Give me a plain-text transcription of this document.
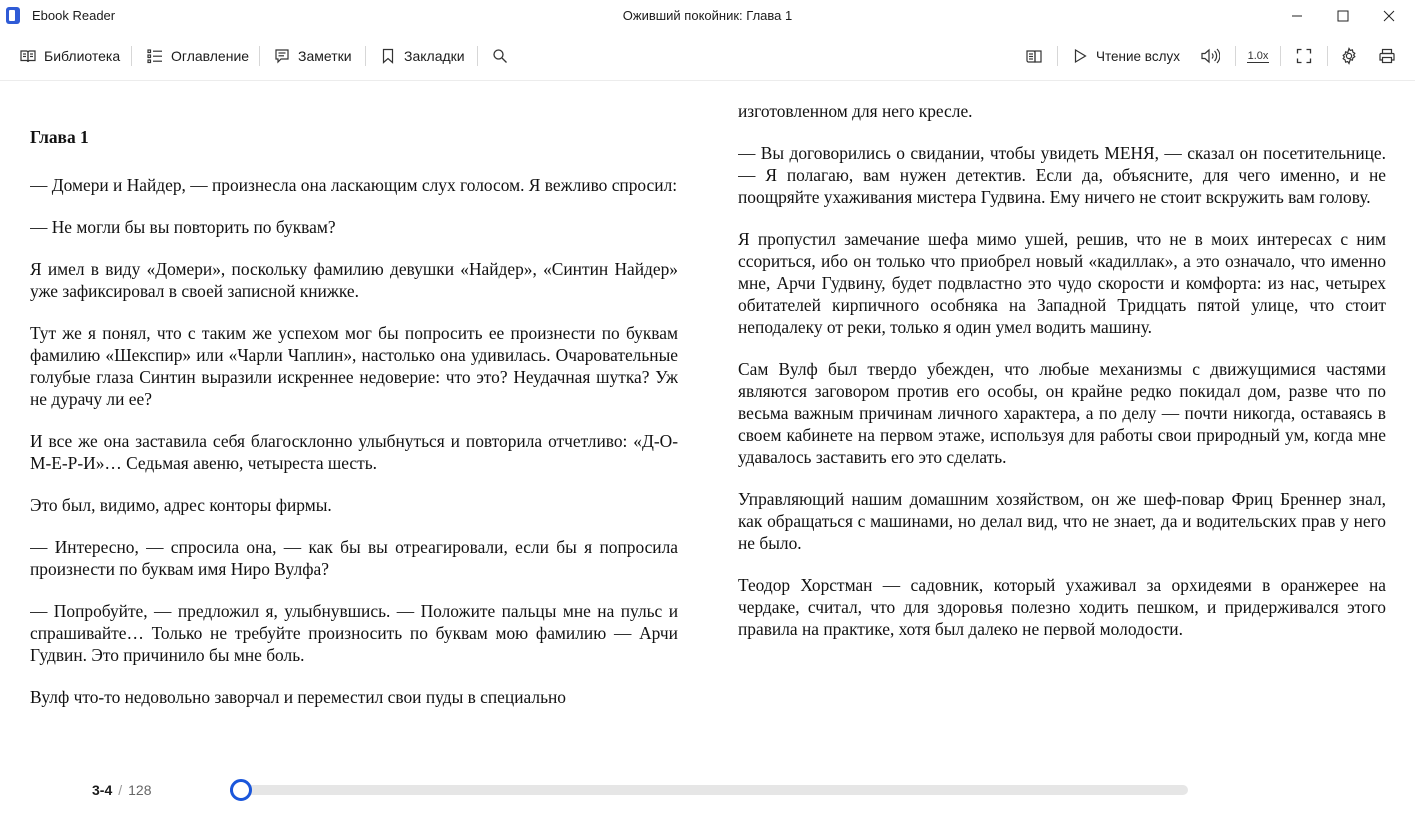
Ebook Reader	Оживший покойник: Глава 1
Библиотека	Оглавление	Заметки	Закладки	Чтение вслух	1.0x

Глава 1

— Домери и Найдер, — произнесла она ласкающим слух голосом. Я вежливо спросил:

— Не могли бы вы повторить по буквам?

Я имел в виду «Домери», поскольку фамилию девушки «Найдер», «Синтин Найдер» уже зафиксировал в своей записной книжке.

Тут же я понял, что с таким же успехом мог бы попросить ее произнести по буквам фамилию «Шекспир» или «Чарли Чаплин», настолько она удивилась. Очаровательные голубые глаза Синтин выразили искреннее недоверие: что это? Неудачная шутка? Уж не дурачу ли ее?

И все же она заставила себя благосклонно улыбнуться и повторила отчетливо: «Д-О-М-Е-Р-И»… Седьмая авеню, четыреста шесть.

Это был, видимо, адрес конторы фирмы.

— Интересно, — спросила она, — как бы вы отреагировали, если бы я попросила произнести по буквам имя Ниро Вулфа?

— Попробуйте, — предложил я, улыбнувшись. — Положите пальцы мне на пульс и спрашивайте… Только не требуйте произносить по буквам мою фамилию — Арчи Гудвин. Это причинило бы мне боль.

Вулф что-то недовольно заворчал и переместил свои пуды в специально

изготовленном для него кресле.

— Вы договорились о свидании, чтобы увидеть МЕНЯ, — сказал он посетительнице. — Я полагаю, вам нужен детектив. Если да, объясните, для чего именно, и не поощряйте ухаживания мистера Гудвина. Ему ничего не стоит вскружить вам голову.

Я пропустил замечание шефа мимо ушей, решив, что не в моих интересах с ним ссориться, ибо он только что приобрел новый «кадиллак», а это означало, что именно мне, Арчи Гудвину, будет подвластно это чудо скорости и комфорта: из нас, четырех обитателей кирпичного особняка на Западной Тридцать пятой улице, что стоит неподалеку от реки, только я один умел водить машину.

Сам Вулф был твердо убежден, что любые механизмы с движущимися частями являются заговором против его особы, он крайне редко покидал дом, разве что по весьма важным причинам личного характера, а по делу — почти никогда, оставаясь в своем кабинете на первом этаже, используя для работы свои природный ум, когда мне удавалось заставить его это сделать.

Управляющий нашим домашним хозяйством, он же шеф-повар Фриц Бреннер знал, как обращаться с машинами, но делал вид, что не знает, да и водительских прав у него не было.

Теодор Хорстман — садовник, который ухаживал за орхидеями в оранжерее на чердаке, считал, что для здоровья полезно ходить пешком, и придерживался этого правила на практике, хотя был далеко не первой молодости.

3-4 / 128
